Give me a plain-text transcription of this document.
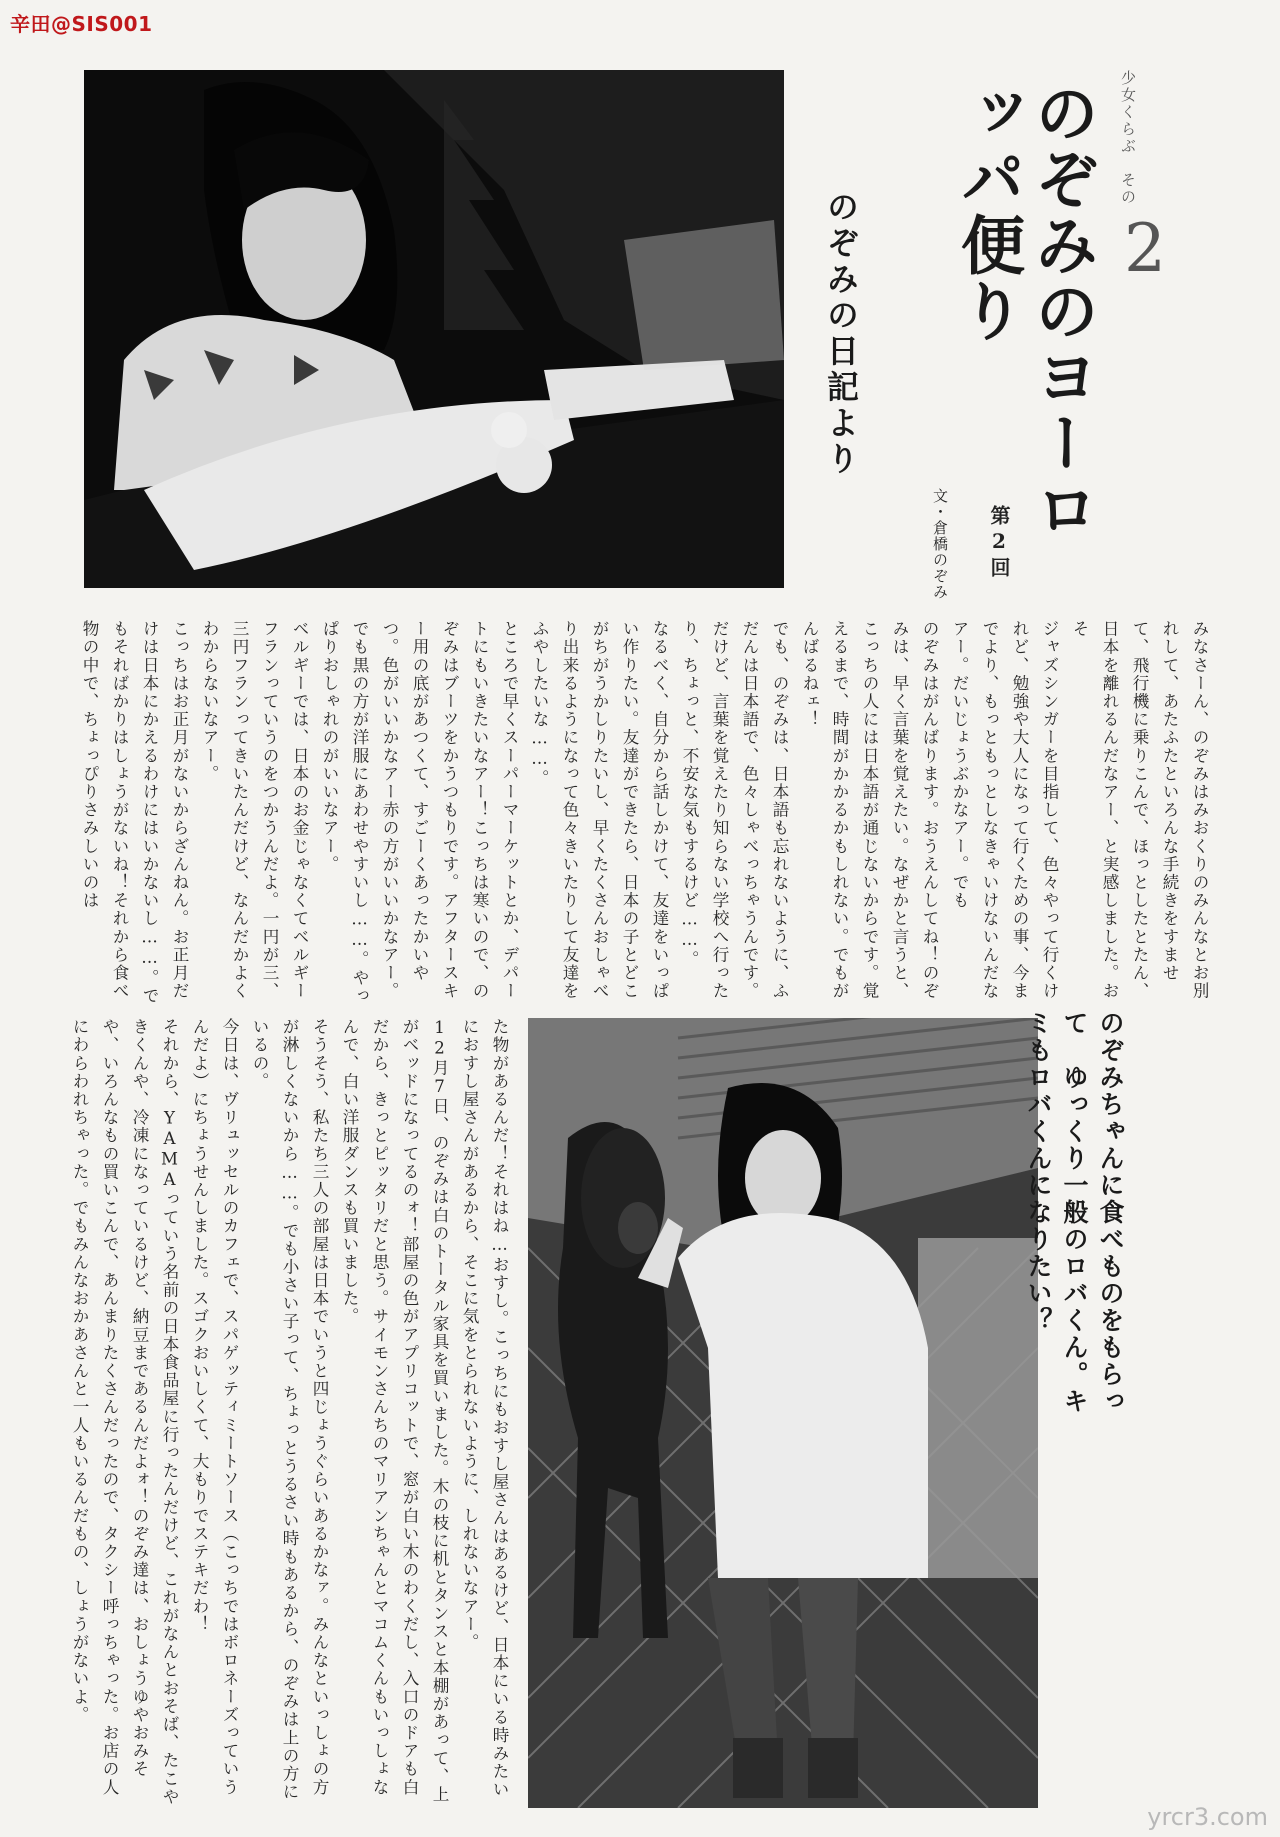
辛田@SIS001
少女くらぶ　その
2
のぞみのヨーロッパ便り
のぞみの日記より
文・倉橋のぞみ 第2回

みなさーん、のぞみはみおくりのみんなとお別れして、あたふたといろんな手続きをすませて、飛行機に乗りこんで、ほっとしたとたん、日本を離れるんだなアー、と実感しました。おそ

ジャズシンガーを目指して、色々やって行くけれど、勉強や大人になって行くための事、今までより、もっともっとしなきゃいけないんだなアー。だいじょうぶかなアー。でも

のぞみはがんばります。おうえんしてね！のぞみは、早く言葉を覚えたい。なぜかと言うと、こっちの人には日本語が通じないからです。覚えるまで、時間がかかるかもしれない。でもがんばるねェ！

でも、のぞみは、日本語も忘れないように、ふだんは日本語で、色々しゃべっちゃうんです。だけど、言葉を覚えたり知らない学校へ行ったり、ちょっと、不安な気もするけど……。

なるべく、自分から話しかけて、友達をいっぱい作りたい。友達ができたら、日本の子とどこがちがうかしりたいし、早くたくさんおしゃべり出来るようになって色々きいたりして友達をふやしたいな……。

ところで早くスーパーマーケットとか、デパートにもいきたいなアー！こっちは寒いので、のぞみはブーツをかうつもりです。アフタースキー用の底があつくて、すごーくあったかいやつ。色がいいかなアー赤の方がいいかなアー。でも黒の方が洋服にあわせやすいし……。やっぱりおしゃれのがいいなアー。

ベルギーでは、日本のお金じゃなくてベルギーフランっていうのをつかうんだよ。一円が三、三円フランってきいたんだけど、なんだかよくわからないなアー。

こっちはお正月がないからざんねん。お正月だけは日本にかえるわけにはいかないし……。でもそればかりはしょうがないね！それから食べ物の中で、ちょっぴりさみしいのは

た物があるんだ！それはね…おすし。こっちにもおすし屋さんはあるけど、日本にいる時みたいにおすし屋さんがあるから、そこに気をとられないように、しれないなアー。

12月7日、のぞみは白のトータル家具を買いました。木の枝に机とタンスと本棚があって、上がベッドになってるのォ！部屋の色がアプリコットで、窓が白い木のわくだし、入口のドアも白だから、きっとピッタリだと思う。サイモンさんちのマリアンちゃんとマコムくんもいっしょなんで、白い洋服ダンスも買いました。

そうそう、私たち三人の部屋は日本でいうと四じょうぐらいあるかなァ。みんなといっしょの方が淋しくないから……。でも小さい子って、ちょっとうるさい時もあるから、のぞみは上の方にいるの。

今日は、ヴリュッセルのカフェで、スパゲッティミートソース（こっちではボロネーズっていうんだよ）にちょうせんしました。スゴクおいしくて、大もりでステキだわ！

それから、YAMAっていう名前の日本食品屋に行ったんだけど、これがなんとおそば、たこやきくんや、冷凍になっているけど、納豆まであるんだよォ！のぞみ達は、おしょうゆやおみそや、いろんなもの買いこんで、あんまりたくさんだったので、タクシー呼っちゃった。お店の人にわらわれちゃった。でもみんなおかあさんと一人もいるんだもの、しょうがないよ。	のぞみちゃんに食べものをもらって　ゆっくり一般のロバくん。キミもロバくんになりたい？
yrcr3.com
